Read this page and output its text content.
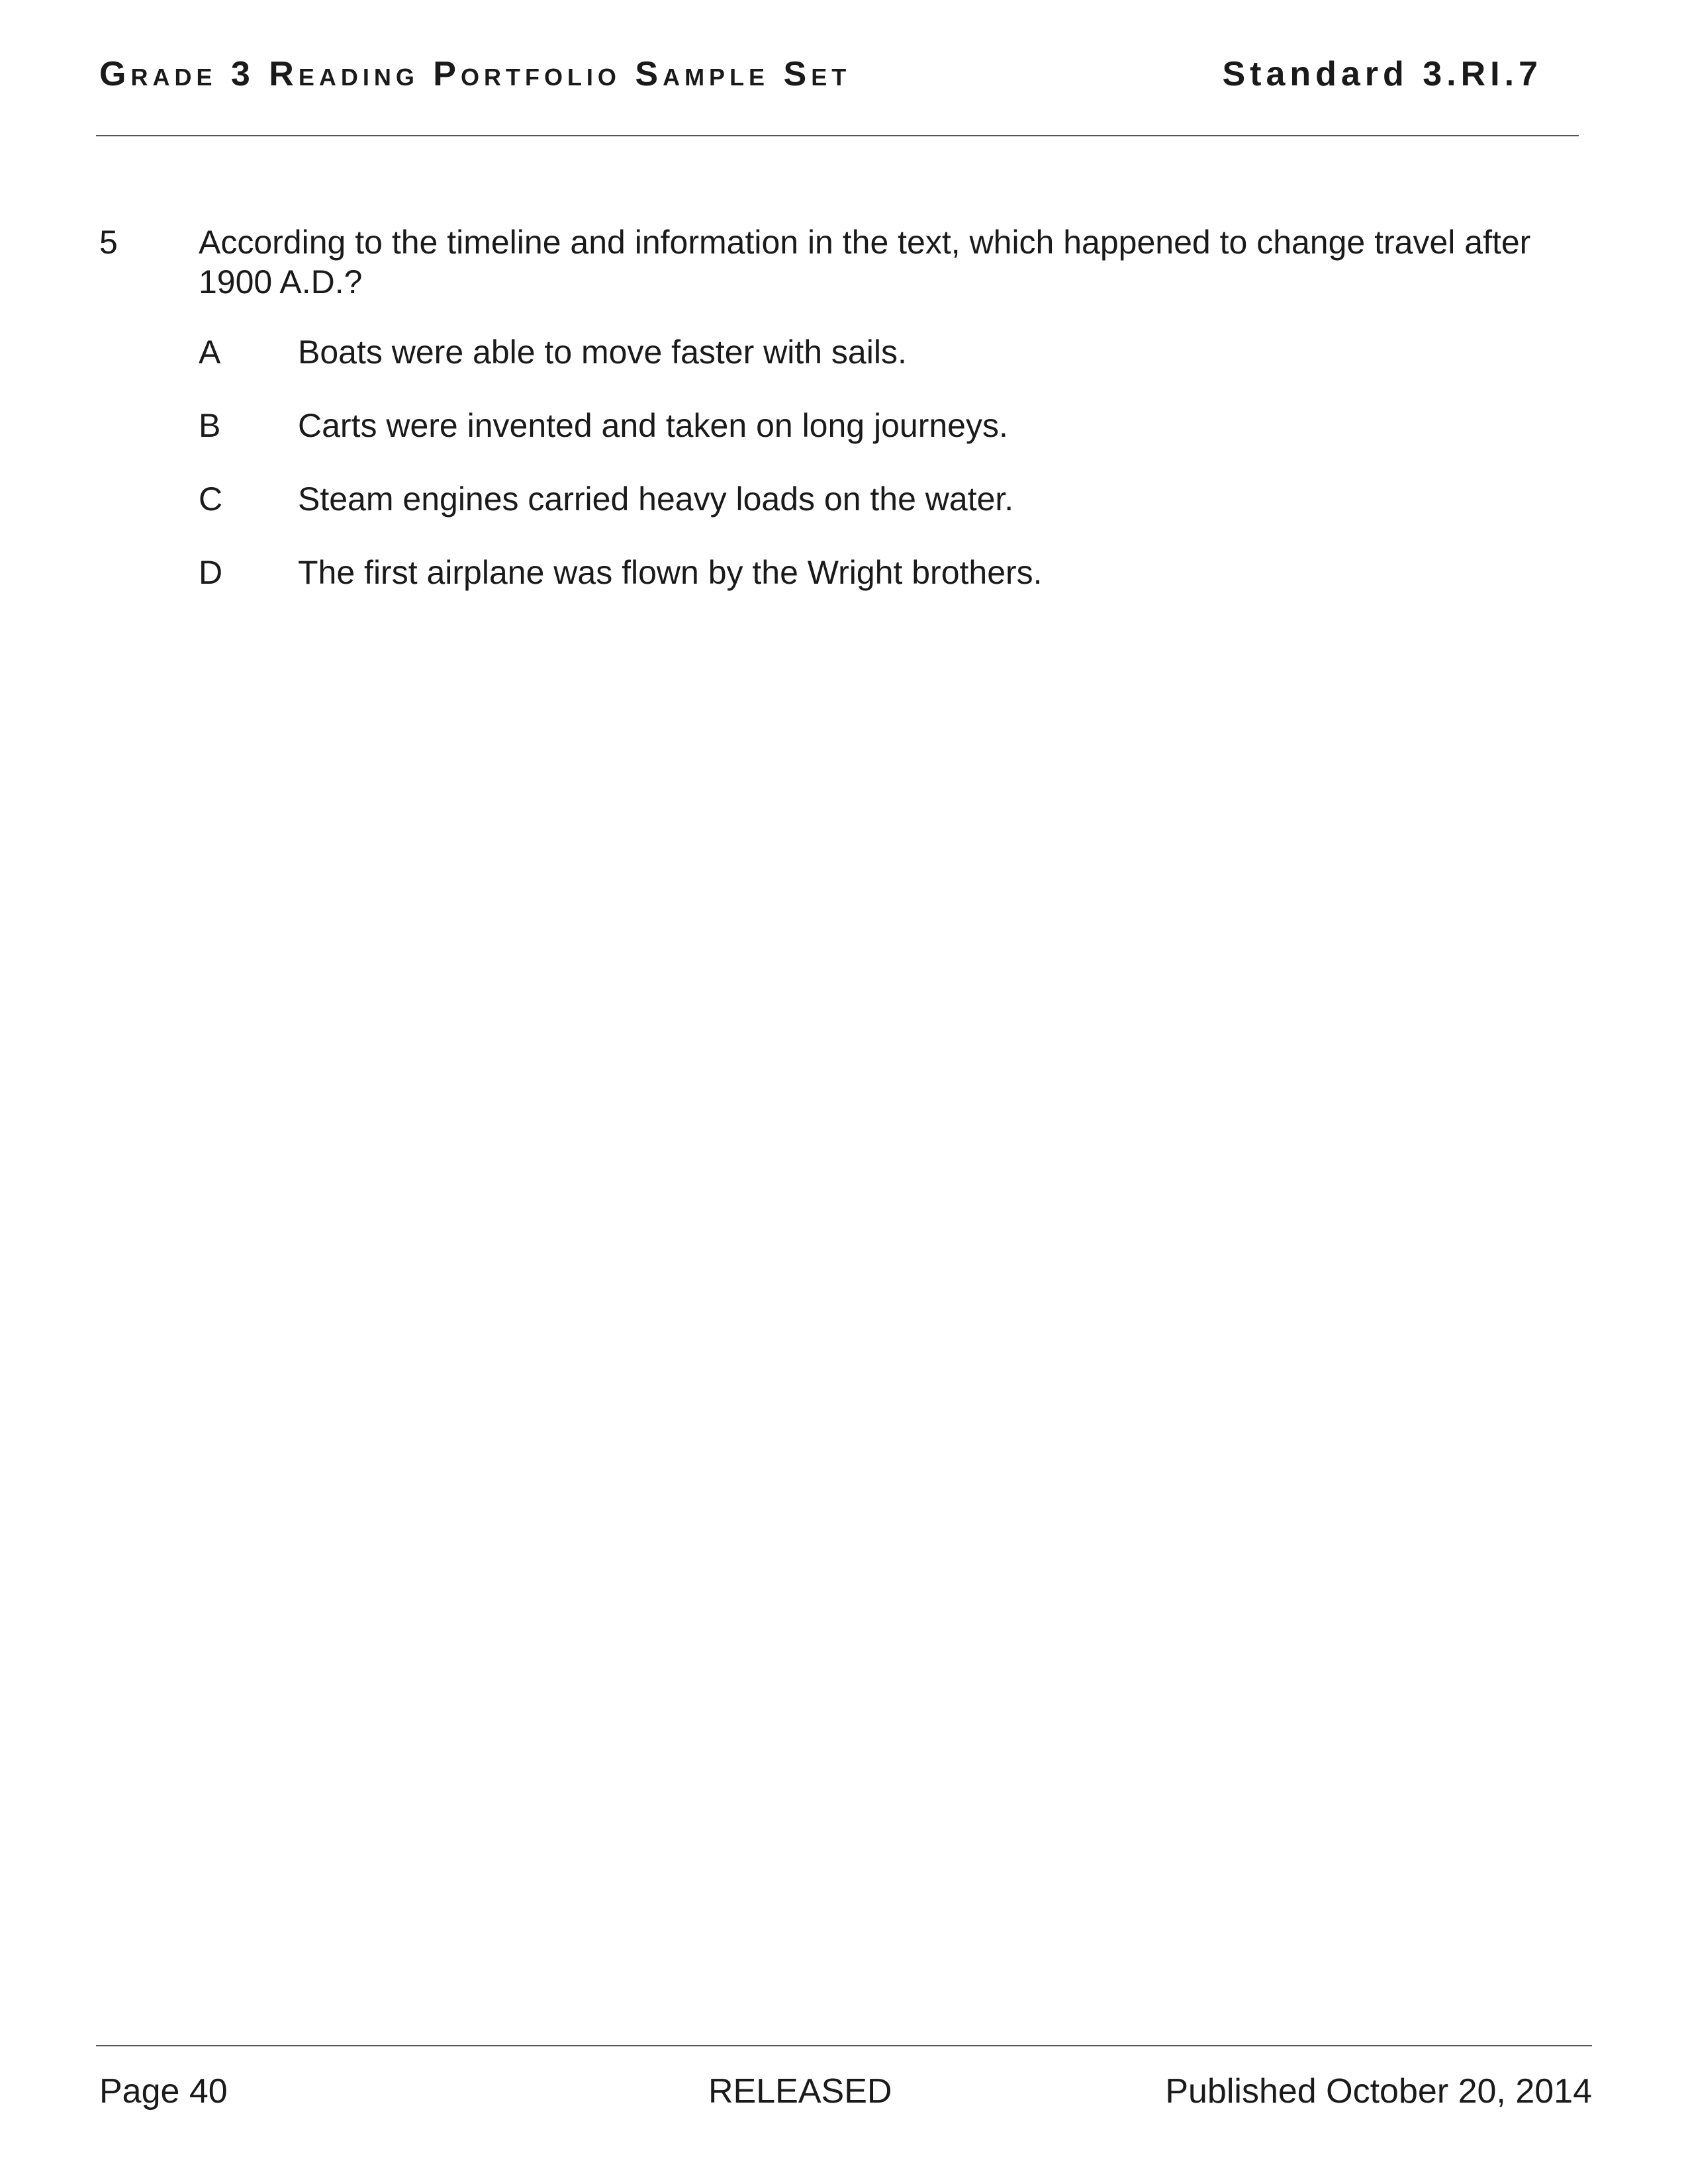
Grade 3 Reading Portfolio Sample Set	Standard 3.RI.7
5 According to the timeline and information in the text, which happened to change travel after 1900 A.D.?
A Boats were able to move faster with sails.
B Carts were invented and taken on long journeys.
C Steam engines carried heavy loads on the water.
D The first airplane was flown by the Wright brothers.
Page 40	RELEASED	Published October 20, 2014
